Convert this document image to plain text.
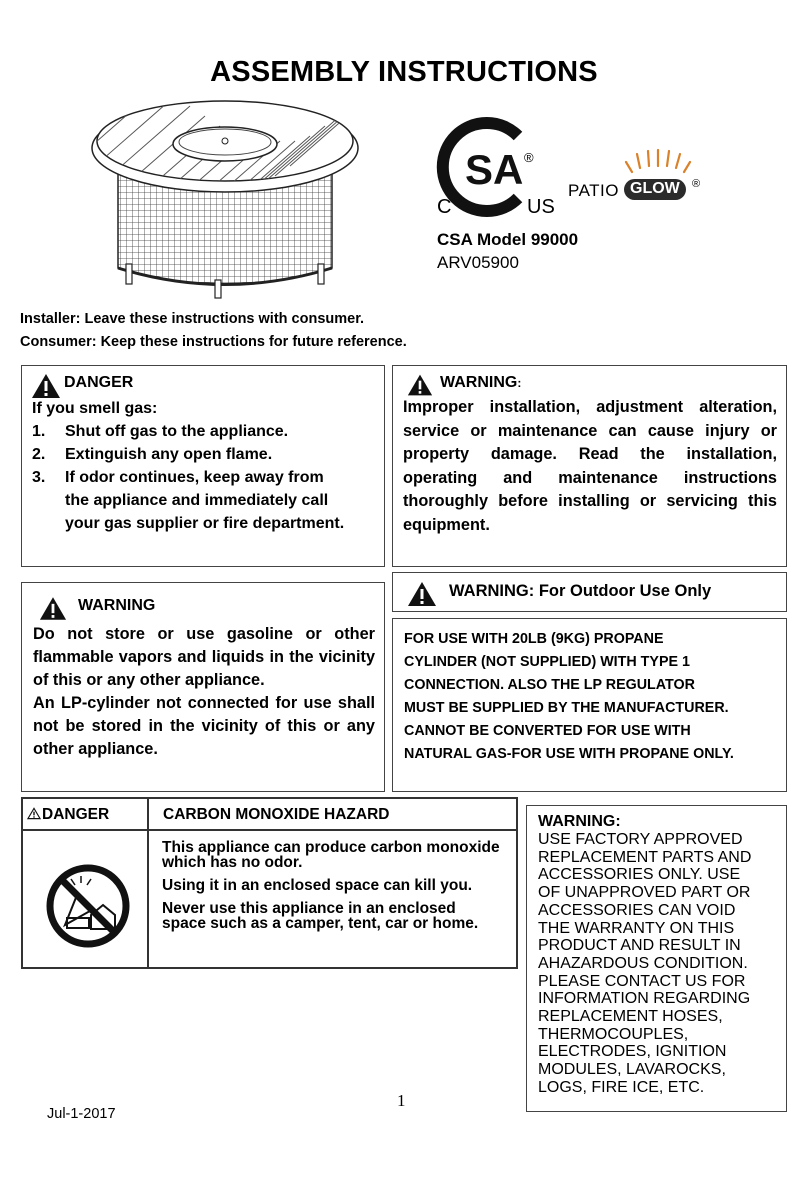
ASSEMBLY INSTRUCTIONS
SA ®
C	US
PATIO GLOW	®
CSA Model 99000
ARV05900
Installer: Leave these instructions with consumer.
Consumer: Keep these instructions for future reference.
DANGER
If you smell gas:
1.	Shut off gas to the appliance.
2.	Extinguish any open flame.
3.	If odor continues, keep away from
the appliance and immediately call
your gas supplier or fire department.
WARNING:
Improper installation, adjustment alteration, service or maintenance can cause injury or property damage. Read the installation, operating and maintenance instructions thoroughly before installing or servicing this equipment.
WARNING
Do not store or use gasoline or other flammable vapors and liquids in the vicinity of this or any other appliance.
An LP-cylinder not connected for use shall not be stored in the vicinity of this or any other appliance.
WARNING: For Outdoor Use Only
FOR USE WITH 20LB (9KG) PROPANE
CYLINDER (NOT SUPPLIED) WITH TYPE 1
CONNECTION. ALSO THE LP REGULATOR
MUST BE SUPPLIED BY THE MANUFACTURER.
CANNOT BE CONVERTED FOR USE WITH
NATURAL GAS-FOR USE WITH PROPANE ONLY.
DANGER	CARBON MONOXIDE HAZARD
This appliance can produce carbon monoxide which has no odor.
Using it in an enclosed space can kill you.
Never use this appliance in an enclosed space such as a camper, tent, car or home.
WARNING:
USE FACTORY APPROVED
REPLACEMENT PARTS AND
ACCESSORIES ONLY. USE
OF UNAPPROVED PART OR
ACCESSORIES CAN VOID
THE WARRANTY ON THIS
PRODUCT AND RESULT IN
AHAZARDOUS CONDITION.
PLEASE CONTACT US FOR
INFORMATION REGARDING
REPLACEMENT HOSES,
THERMOCOUPLES,
ELECTRODES, IGNITION
MODULES, LAVAROCKS,
LOGS, FIRE ICE, ETC.
1
Jul-1-2017
